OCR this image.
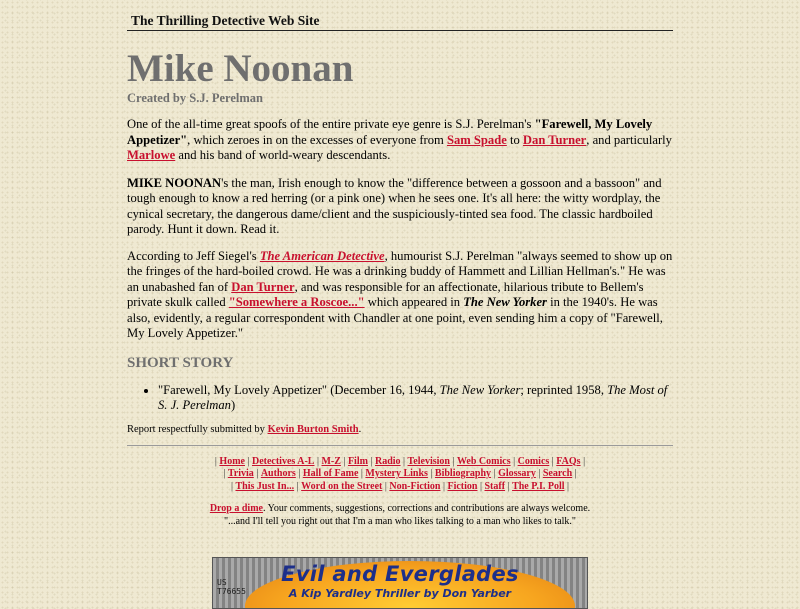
The Thrilling Detective Web Site
Mike Noonan
Created by S.J. Perelman

One of the all-time great spoofs of the entire private eye genre is S.J. Perelman's "Farewell, My Lovely Appetizer", which zeroes in on the excesses of everyone from Sam Spade to Dan Turner, and particularly Marlowe and his band of world-weary descendants.

MIKE NOONAN's the man, Irish enough to know the "difference between a gossoon and a bassoon" and tough enough to know a red herring (or a pink one) when he sees one. It's all here: the witty wordplay, the cynical secretary, the dangerous dame/client and the suspiciously-tinted sea food. The classic hardboiled parody. Hunt it down. Read it.

According to Jeff Siegel's The American Detective, humourist S.J. Perelman "always seemed to show up on the fringes of the hard-boiled crowd. He was a drinking buddy of Hammett and Lillian Hellman's." He was an unabashed fan of Dan Turner, and was responsible for an affectionate, hilarious tribute to Bellem's private skulk called "Somewhere a Roscoe..." which appeared in The New Yorker in the 1940's. He was also, evidently, a regular correspondent with Chandler at one point, even sending him a copy of "Farewell, My Lovely Appetizer."

SHORT STORY
• "Farewell, My Lovely Appetizer" (December 16, 1944, The New Yorker; reprinted 1958, The Most of S. J. Perelman)
Report respectfully submitted by Kevin Burton Smith.
| Home | Detectives A-L | M-Z | Film | Radio | Television | Web Comics | Comics | FAQs |
| Trivia | Authors | Hall of Fame | Mystery Links | Bibliography | Glossary | Search |
| This Just In... | Word on the Street | Non-Fiction | Fiction | Staff | The P.I. Poll |
Drop a dime. Your comments, suggestions, corrections and contributions are always welcome.
"...and I'll tell you right out that I'm a man who likes talking to a man who likes to talk."
US
T76655
Evil and Everglades
A Kip Yardley Thriller by Don Yarber
